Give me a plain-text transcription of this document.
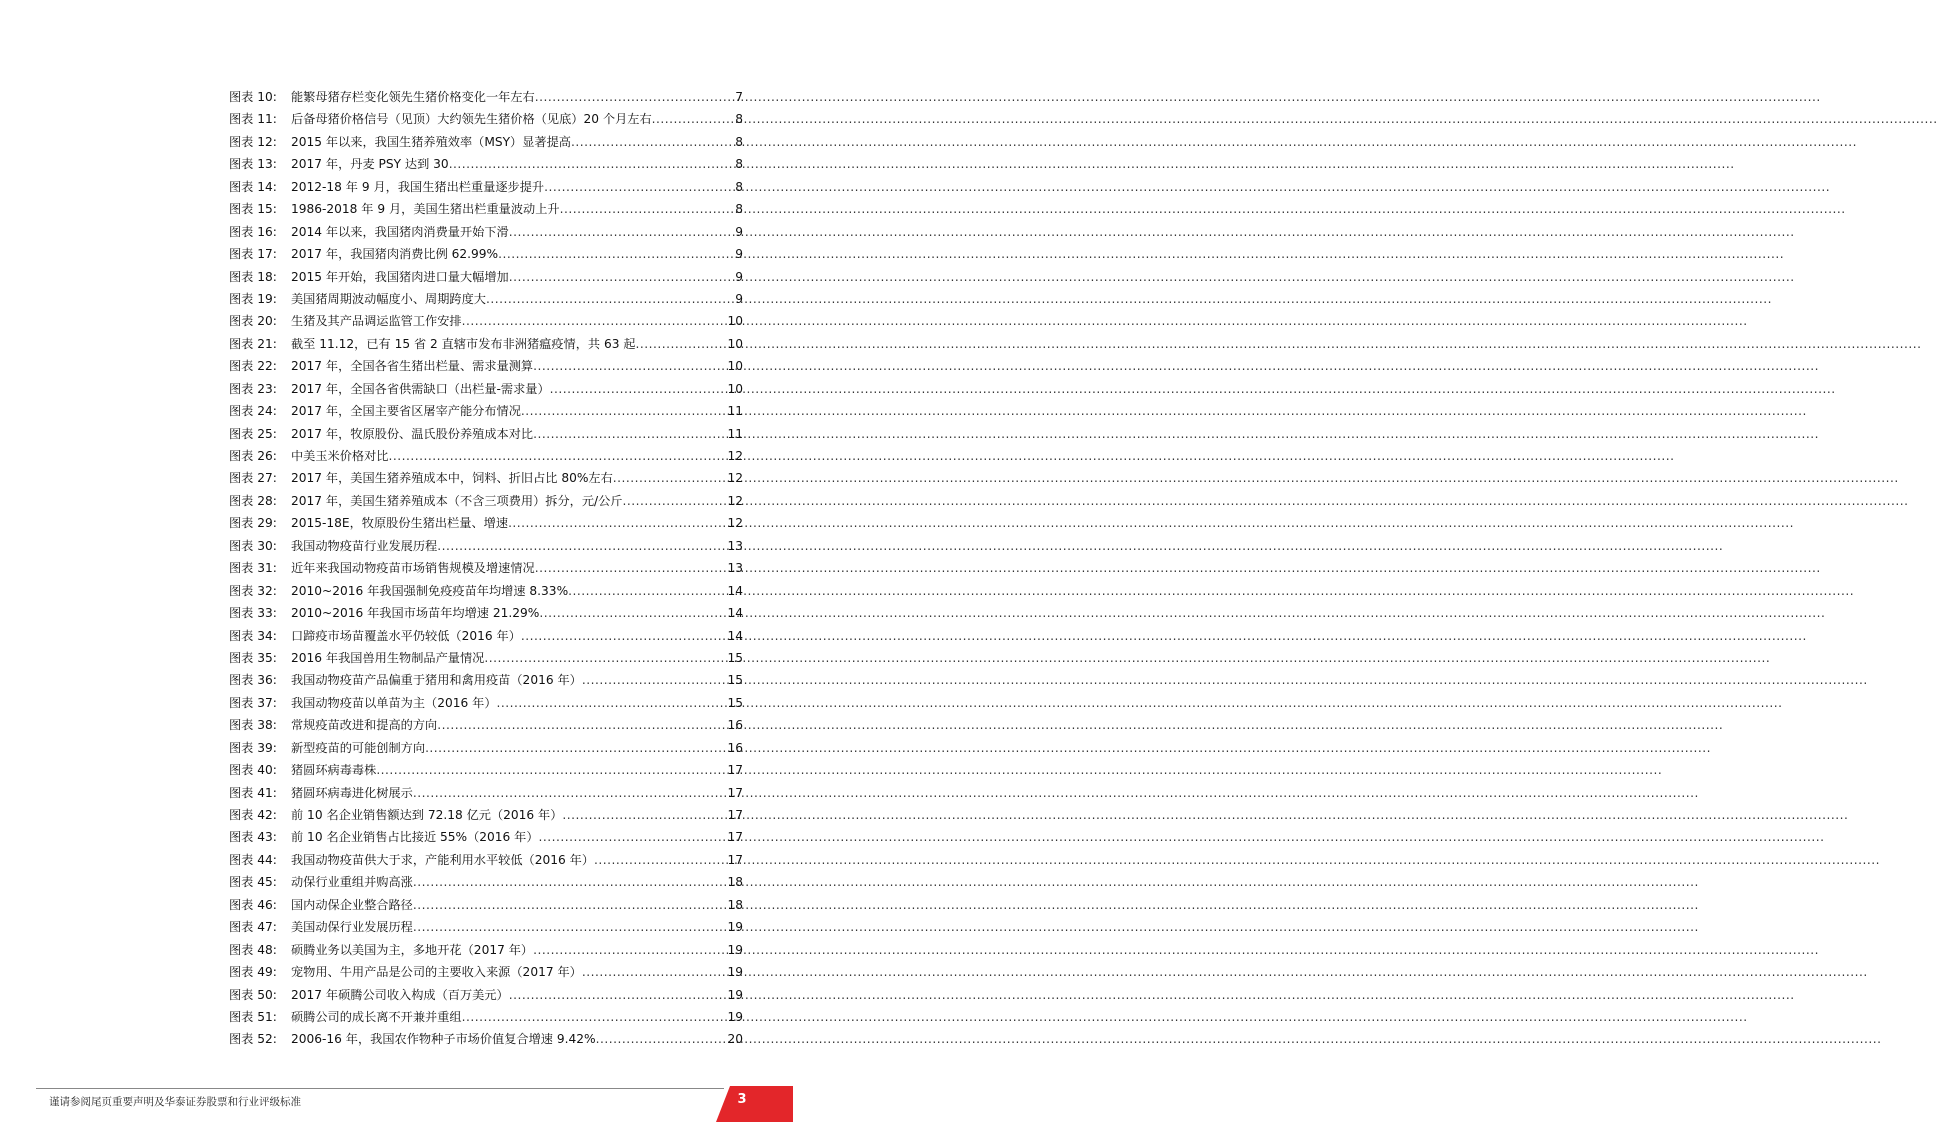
图表 10:	能繁母猪存栏变化领先生猪价格变化一年左右 .....	7
图表 11:	后备母猪价格信号（见顶）大约领先生猪价格（见底）20 个月左右 .....	8
图表 12:	2015 年以来，我国生猪养殖效率（MSY）显著提高 .....	8
图表 13:	2017 年，丹麦 PSY 达到 30 .....	8
图表 14:	2012-18 年 9 月，我国生猪出栏重量逐步提升 .....	8
图表 15:	1986-2018 年 9 月，美国生猪出栏重量波动上升 .....	8
图表 16:	2014 年以来，我国猪肉消费量开始下滑 .....	9
图表 17:	2017 年，我国猪肉消费比例 62.99% .....	9
图表 18:	2015 年开始，我国猪肉进口量大幅增加 .....	9
图表 19:	美国猪周期波动幅度小、周期跨度大 .....	9
图表 20:	生猪及其产品调运监管工作安排 .....	10
图表 21:	截至 11.12，已有 15 省 2 直辖市发布非洲猪瘟疫情，共 63 起 .....	10
图表 22:	2017 年，全国各省生猪出栏量、需求量测算 .....	10
图表 23:	2017 年，全国各省供需缺口（出栏量-需求量） .....	10
图表 24:	2017 年，全国主要省区屠宰产能分布情况 .....	11
图表 25:	2017 年，牧原股份、温氏股份养殖成本对比 .....	11
图表 26:	中美玉米价格对比 .....	12
图表 27:	2017 年，美国生猪养殖成本中，饲料、折旧占比 80%左右 .....	12
图表 28:	2017 年，美国生猪养殖成本（不含三项费用）拆分，元/公斤 .....	12
图表 29:	2015-18E，牧原股份生猪出栏量、增速 .....	12
图表 30:	我国动物疫苗行业发展历程 .....	13
图表 31:	近年来我国动物疫苗市场销售规模及增速情况 .....	13
图表 32:	2010~2016 年我国强制免疫疫苗年均增速 8.33% .....	14
图表 33:	2010~2016 年我国市场苗年均增速 21.29% .....	14
图表 34:	口蹄疫市场苗覆盖水平仍较低（2016 年） .....	14
图表 35:	2016 年我国兽用生物制品产量情况 .....	15
图表 36:	我国动物疫苗产品偏重于猪用和禽用疫苗（2016 年） .....	15
图表 37:	我国动物疫苗以单苗为主（2016 年） .....	15
图表 38:	常规疫苗改进和提高的方向 .....	16
图表 39:	新型疫苗的可能创制方向 .....	16
图表 40:	猪圆环病毒毒株 .....	17
图表 41:	猪圆环病毒进化树展示 .....	17
图表 42:	前 10 名企业销售额达到 72.18 亿元（2016 年） .....	17
图表 43:	前 10 名企业销售占比接近 55%（2016 年） .....	17
图表 44:	我国动物疫苗供大于求，产能利用水平较低（2016 年） .....	17
图表 45:	动保行业重组并购高涨 .....	18
图表 46:	国内动保企业整合路径 .....	18
图表 47:	美国动保行业发展历程 .....	19
图表 48:	硕腾业务以美国为主，多地开花（2017 年） .....	19
图表 49:	宠物用、牛用产品是公司的主要收入来源（2017 年） .....	19
图表 50:	2017 年硕腾公司收入构成（百万美元） .....	19
图表 51:	硕腾公司的成长离不开兼并重组 .....	19
图表 52:	2006-16 年，我国农作物种子市场价值复合增速 9.42% .....	20
谨请参阅尾页重要声明及华泰证券股票和行业评级标准	3
